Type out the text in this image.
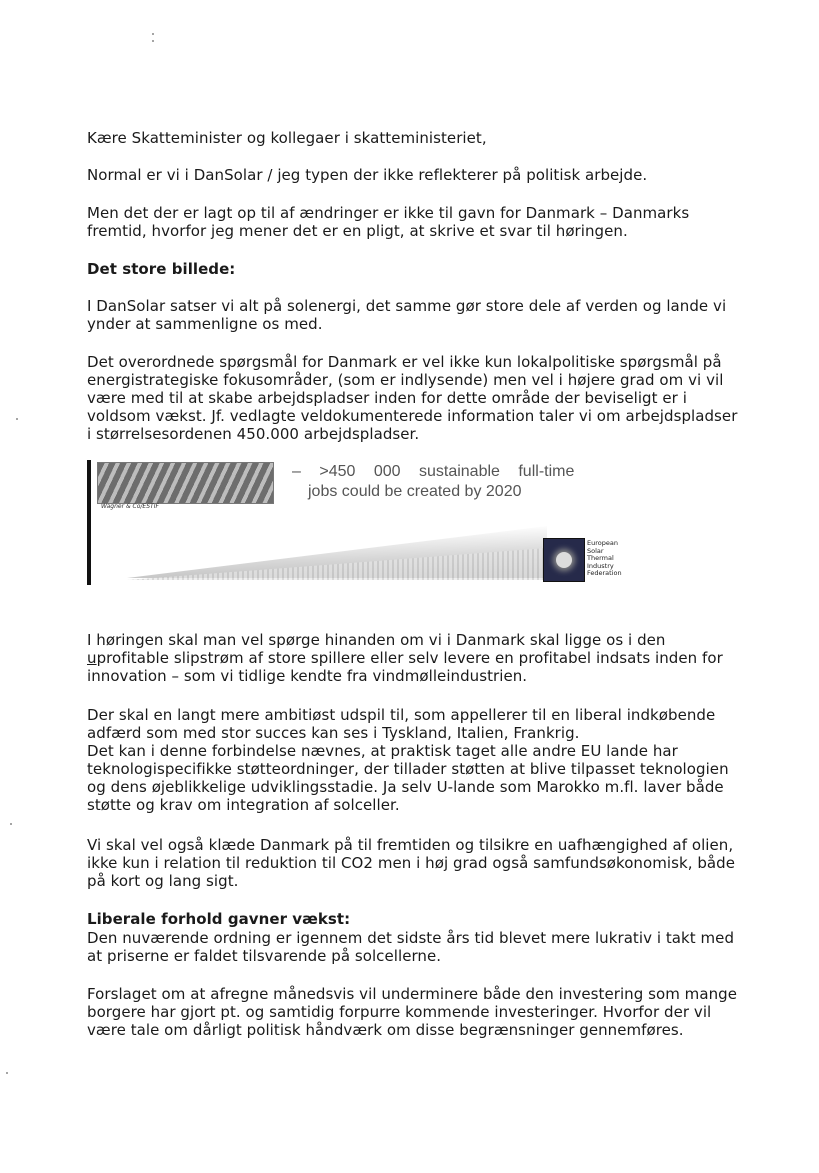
Kære Skatteminister og kollegaer i skatteministeriet,

Normal er vi i DanSolar / jeg typen der ikke reflekterer på politisk arbejde.

Men det der er lagt op til af ændringer er ikke til gavn for Danmark – Danmarks

fremtid, hvorfor jeg mener det er en pligt, at skrive et svar til høringen.

Det store billede:

I DanSolar satser vi alt på solenergi, det samme gør store dele af verden og lande vi

ynder at sammenligne os med.

Det overordnede spørgsmål for Danmark er vel ikke kun lokalpolitiske spørgsmål på

energistrategiske fokusområder, (som er indlysende) men vel i højere grad om vi vil

være med til at skabe arbejdspladser inden for dette område der beviseligt er i

voldsom vækst. Jf. vedlagte veldokumenterede information taler vi om arbejdspladser

i størrelsesordenen 450.000 arbejdspladser.

Wagner & Co/ESTIF
– >450 000 sustainable full-time
jobs could be created by 2020
European
Solar
Thermal
Industry
Federation

I høringen skal man vel spørge hinanden om vi i Danmark skal ligge os i den

uprofitable slipstrøm af store spillere eller selv levere en profitabel indsats inden for

innovation – som vi tidlige kendte fra vindmølleindustrien.

Der skal en langt mere ambitiøst udspil til, som appellerer til en liberal indkøbende

adfærd som med stor succes kan ses i Tyskland, Italien, Frankrig.

Det kan i denne forbindelse nævnes, at praktisk taget alle andre EU lande har

teknologispecifikke støtteordninger, der tillader støtten at blive tilpasset teknologien

og dens øjeblikkelige udviklingsstadie. Ja selv U-lande som Marokko m.fl. laver både

støtte og krav om integration af solceller.

Vi skal vel også klæde Danmark på til fremtiden og tilsikre en uafhængighed af olien,

ikke kun i relation til reduktion til CO2 men i høj grad også samfundsøkonomisk, både

på kort og lang sigt.

Liberale forhold gavner vækst:

Den nuværende ordning er igennem det sidste års tid blevet mere lukrativ i takt med

at priserne er faldet tilsvarende på solcellerne.

Forslaget om at afregne månedsvis vil underminere både den investering som mange

borgere har gjort pt. og samtidig forpurre kommende investeringer. Hvorfor der vil

være tale om dårligt politisk håndværk om disse begrænsninger gennemføres.
